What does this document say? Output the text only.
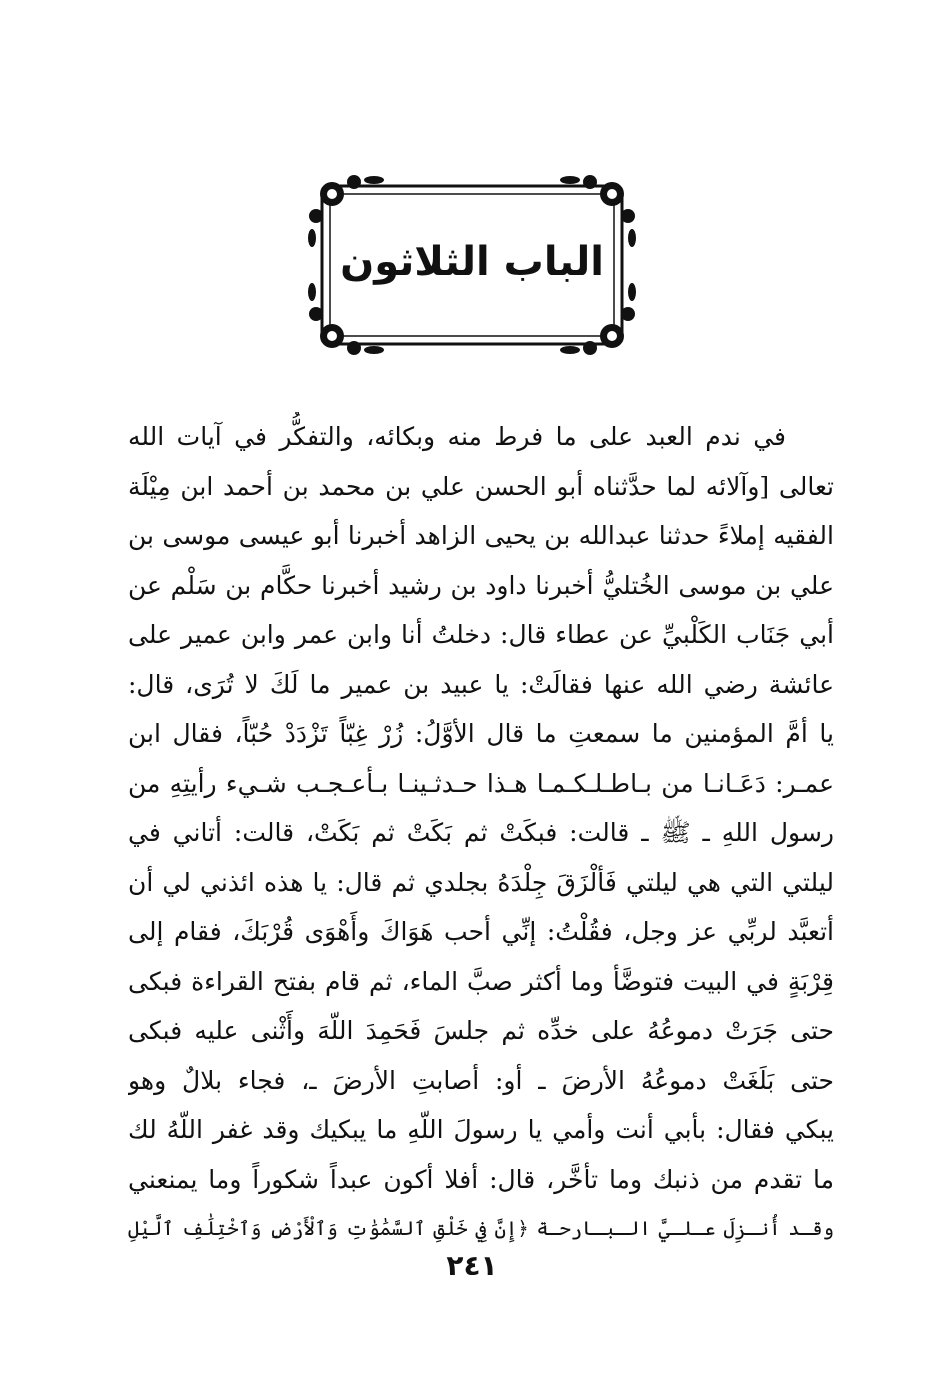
الباب الثلاثون
في ندم العبد على ما فرط منه وبكائه، والتفكُّر في آيات الله
تعالى [وآلائه لما حدَّثناه أبو الحسن علي بن محمد بن أحمد ابن مِيْلَة
الفقيه إملاءً حدثنا عبدالله بن يحيى الزاهد أخبرنا أبو عيسى موسى بن
علي بن موسى الخُتليُّ أخبرنا داود بن رشيد أخبرنا حكَّام بن سَلْم عن
أبي جَنَاب الكَلْبيِّ عن عطاء قال: دخلتُ أنا وابن عمر وابن عمير على
عائشة رضي الله عنها فقالَتْ: يا عبيد بن عمير ما لَكَ لا تُرَى، قال:
يا أمَّ المؤمنين ما سمعتِ ما قال الأوَّلُ: زُرْ غِبّاً تَزْدَدْ حُبّاً، فقال ابن
عمـر: دَعَـانـا من بـاطـلـكـمـا هـذا حـدثـينـا بـأعـجـب شـيء رأيتِهِ من
رسول اللهِ ـ ﷺ ـ قالت: فبكَتْ ثم بَكَتْ ثم بَكَتْ، قالت: أتاني في
ليلتي التي هي ليلتي فَألْزَقَ جِلْدَهُ بجلدي ثم قال: يا هذه ائذني لي أن
أتعبَّد لربِّي عز وجل، فقُلْتُ: إنِّي أحب هَوَاكَ وأَهْوَى قُرْبَكَ، فقام إلى
قِرْبَةٍ في البيت فتوضَّأ وما أكثر صبَّ الماء، ثم قام بفتح القراءة فبكى
حتى جَرَتْ دموعُهُ على خدِّه ثم جلسَ فَحَمِدَ اللّهَ وأَثْنى عليه فبكى
حتى بَلَغَتْ دموعُهُ الأرضَ ـ أو: أصابتِ الأرضَ ـ، فجاء بلالٌ وهو
يبكي فقال: بأبي أنت وأمي يا رسولَ اللّهِ ما يبكيك وقد غفر اللّهُ لك
ما تقدم من ذنبك وما تأخَّر، قال: أفلا أكون عبداً شكوراً وما يمنعني
وقـد أُنـزِلَ عـلـيَّ الـبـارحـة ﴿إِنَّ فِي خَلْقِ ٱلسَّمَٰوَٰتِ وَٱلْأَرْضِ وَٱخْتِلَٰفِ ٱلَّيْلِ
٢٤١
